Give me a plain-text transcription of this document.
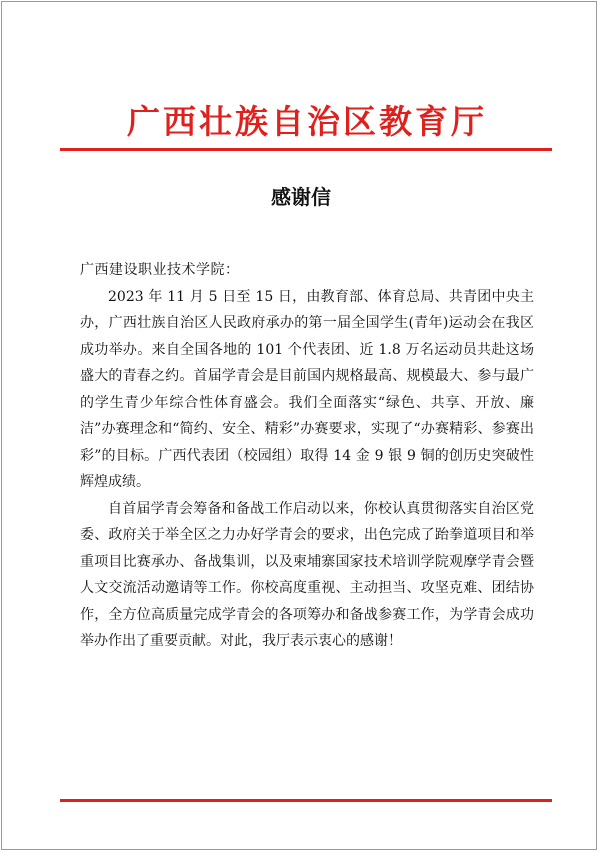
广西壮族自治区教育厅
感谢信

广西建设职业技术学院：

2023 年 11 月 5 日至 15 日，由教育部、体育总局、共青团中央主办，广西壮族自治区人民政府承办的第一届全国学生(青年)运动会在我区成功举办。来自全国各地的 101 个代表团、近 1.8 万名运动员共赴这场盛大的青春之约。首届学青会是目前国内规格最高、规模最大、参与最广的学生青少年综合性体育盛会。我们全面落实“绿色、共享、开放、廉洁”办赛理念和“简约、安全、精彩”办赛要求，实现了“办赛精彩、参赛出彩”的目标。广西代表团（校园组）取得 14 金 9 银 9 铜的创历史突破性辉煌成绩。

自首届学青会筹备和备战工作启动以来，你校认真贯彻落实自治区党委、政府关于举全区之力办好学青会的要求，出色完成了跆拳道项目和举重项目比赛承办、备战集训，以及柬埔寨国家技术培训学院观摩学青会暨人文交流活动邀请等工作。你校高度重视、主动担当、攻坚克难、团结协作，全方位高质量完成学青会的各项筹办和备战参赛工作，为学青会成功举办作出了重要贡献。对此，我厅表示衷心的感谢！
